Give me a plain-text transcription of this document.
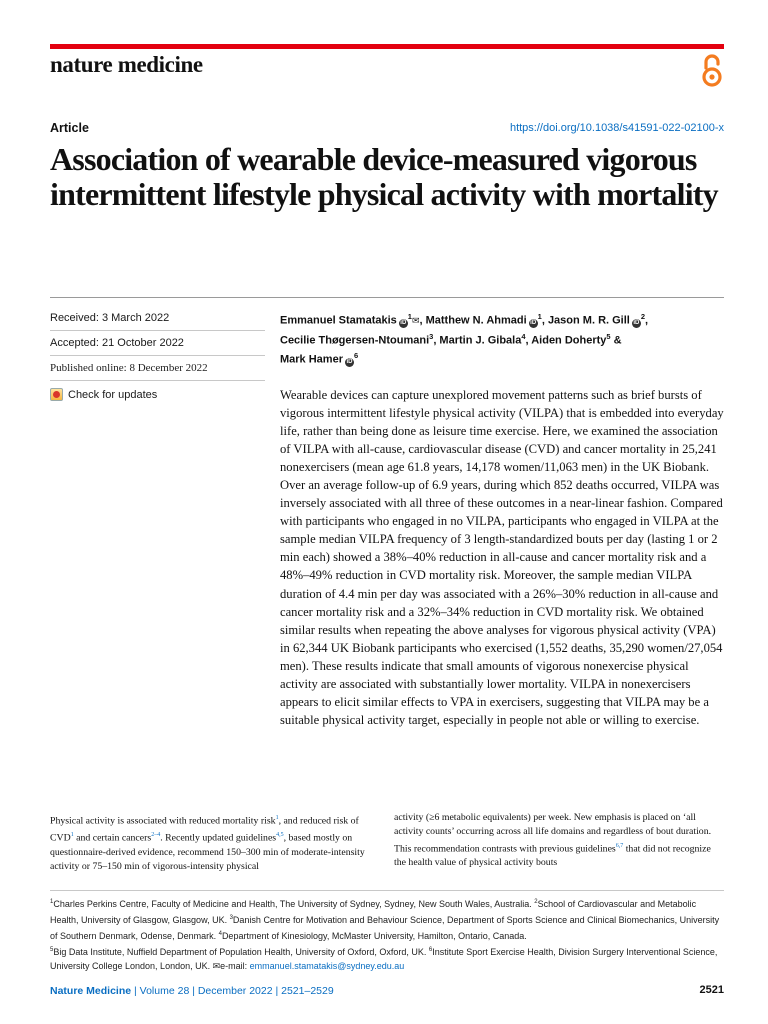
nature medicine
Article	https://doi.org/10.1038/s41591-022-02100-x
Association of wearable device-measured vigorous intermittent lifestyle physical activity with mortality
Received: 3 March 2022
Accepted: 21 October 2022
Published online: 8 December 2022
Check for updates
Emmanuel Stamatakis $iD^1✉$, Matthew N. Ahmadi $iD^1$, Jason M. R. Gill $iD^2$,
Cecilie Thøgersen-Ntoumani$^3$, Martin J. Gibala$^4$, Aiden Doherty$^5$ &
Mark Hamer $iD^6$

Wearable devices can capture unexplored movement patterns such as brief bursts of vigorous intermittent lifestyle physical activity (VILPA) that is embedded into everyday life, rather than being done as leisure time exercise. Here, we examined the association of VILPA with all-cause, cardiovascular disease (CVD) and cancer mortality in 25,241 nonexercisers (mean age 61.8 years, 14,178 women/11,063 men) in the UK Biobank. Over an average follow-up of 6.9 years, during which 852 deaths occurred, VILPA was inversely associated with all three of these outcomes in a near-linear fashion. Compared with participants who engaged in no VILPA, participants who engaged in VILPA at the sample median VILPA frequency of 3 length-standardized bouts per day (lasting 1 or 2 min each) showed a 38%–40% reduction in all-cause and cancer mortality risk and a 48%–49% reduction in CVD mortality risk. Moreover, the sample median VILPA duration of 4.4 min per day was associated with a 26%–30% reduction in all-cause and cancer mortality risk and a 32%–34% reduction in CVD mortality risk. We obtained similar results when repeating the above analyses for vigorous physical activity (VPA) in 62,344 UK Biobank participants who exercised (1,552 deaths, 35,290 women/27,054 men). These results indicate that small amounts of vigorous nonexercise physical activity are associated with substantially lower mortality. VILPA in nonexercisers appears to elicit similar effects to VPA in exercisers, suggesting that VILPA may be a suitable physical activity target, especially in people not able or willing to exercise.

Physical activity is associated with reduced mortality risk$^1$, and reduced risk of CVD$^1$ and certain cancers$^{2-4}$. Recently updated guidelines$^{4,5}$, based mostly on questionnaire-derived evidence, recommend 150–300 min of moderate-intensity activity or 75–150 min of vigorous-intensity physical

activity (≥6 metabolic equivalents) per week. New emphasis is placed on ‘all activity counts’ occurring across all life domains and regardless of bout duration. This recommendation contrasts with previous guidelines$^{6,7}$ that did not recognize the health value of physical activity bouts

$^1$Charles Perkins Centre, Faculty of Medicine and Health, The University of Sydney, Sydney, New South Wales, Australia. $^2$School of Cardiovascular and Metabolic Health, University of Glasgow, Glasgow, UK. $^3$Danish Centre for Motivation and Behaviour Science, Department of Sports Science and Clinical Biomechanics, University of Southern Denmark, Odense, Denmark. $^4$Department of Kinesiology, McMaster University, Hamilton, Ontario, Canada.
$^5$Big Data Institute, Nuffield Department of Population Health, University of Oxford, Oxford, UK. $^6$Institute Sport Exercise Health, Division Surgery Interventional Science, University College London, London, UK. ✉e-mail: emmanuel.stamatakis@sydney.edu.au

Nature Medicine | Volume 28 | December 2022 | 2521–2529	2521
